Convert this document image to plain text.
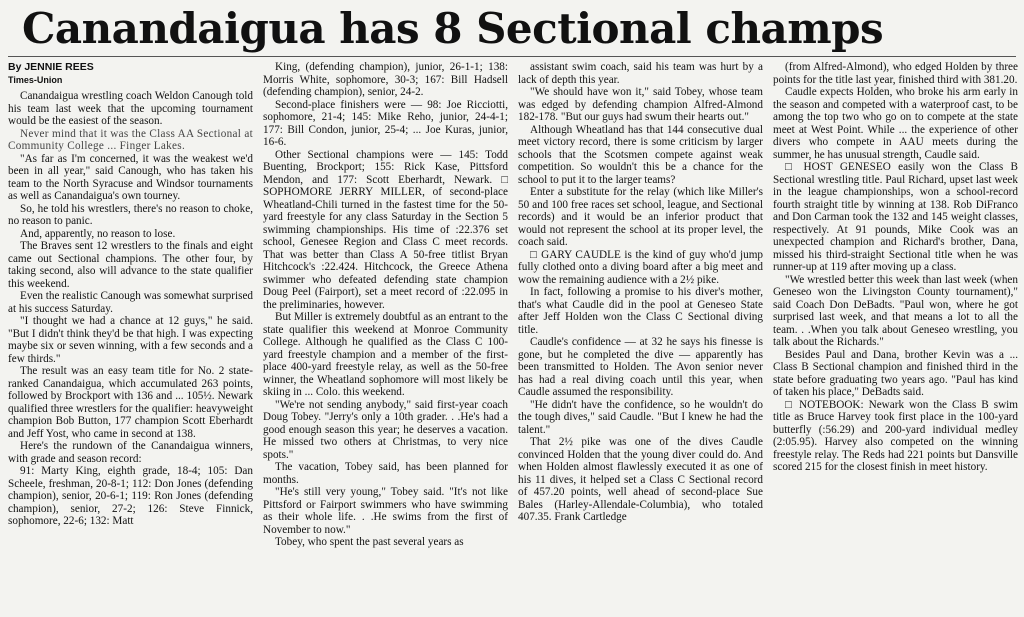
Canandaigua has 8 Sectional champs
By JENNIE REES
Times-Union

Canandaigua wrestling coach Weldon Canough told his team last week that the upcoming tournament would be the easiest of the season.

Never mind that it was the Class AA Sectional at Community College ... Finger Lakes.

"As far as I'm concerned, it was the weakest we'd been in all year," said Canough, who has taken his team to the North Syracuse and Windsor tournaments as well as Canandaigua's own tourney.

So, he told his wrestlers, there's no reason to choke, no reason to panic.

And, apparently, no reason to lose.

The Braves sent 12 wrestlers to the finals and eight came out Sectional champions. The other four, by taking second, also will advance to the state qualifier this weekend.

Even the realistic Canough was somewhat surprised at his success Saturday.

"I thought we had a chance at 12 guys," he said. "But I didn't think they'd be that high. I was expecting maybe six or seven winning, with a few seconds and a few thirds."

The result was an easy team title for No. 2 state-ranked Canandaigua, which accumulated 263 points, followed by Brockport with 136 and ... 105½. Newark qualified three wrestlers for the qualifier: heavyweight champion Bob Button, 177 champion Scott Eberhardt and Jeff Yost, who came in second at 138.

Here's the rundown of the Canandaigua winners, with grade and season record:

91: Marty King, eighth grade, 18-4; 105: Dan Scheele, freshman, 20-8-1; 112: Don Jones (defending champion), senior, 20-6-1; 119: Ron Jones (defending champion), senior, 27-2; 126: Steve Finnick, sophomore, 22-6; 132: Matt

King, (defending champion), junior, 26-1-1; 138: Morris White, sophomore, 30-3; 167: Bill Hadsell (defending champion), senior, 24-2.

Second-place finishers were — 98: Joe Ricciotti, sophomore, 21-4; 145: Mike Reho, junior, 24-4-1; 177: Bill Condon, junior, 25-4; ... Joe Kuras, junior, 16-6.

Other Sectional champions were — 145: Todd Buenting, Brockport; 155: Rick Kase, Pittsford Mendon, and 177: Scott Eberhardt, Newark. □ SOPHOMORE JERRY MILLER, of second-place Wheatland-Chili turned in the fastest time for the 50-yard freestyle for any class Saturday in the Section 5 swimming championships. His time of :22.376 set school, Genesee Region and Class C meet records. That was better than Class A 50-free titlist Bryan Hitchcock's :22.424. Hitchcock, the Greece Athena swimmer who defeated defending state champion Doug Peel (Fairport), set a meet record of :22.095 in the preliminaries, however.

But Miller is extremely doubtful as an entrant to the state qualifier this weekend at Monroe Community College. Although he qualified as the Class C 100-yard freestyle champion and a member of the first-place 400-yard freestyle relay, as well as the 50-free winner, the Wheatland sophomore will most likely be skiing in ... Colo. this weekend.

"We're not sending anybody," said first-year coach Doug Tobey. "Jerry's only a 10th grader. . .He's had a good enough season this year; he deserves a vacation. He missed two others at Christmas, to very nice spots."

The vacation, Tobey said, has been planned for months.

"He's still very young," Tobey said. "It's not like Pittsford or Fairport swimmers who have swimming as their whole life. . .He swims from the first of November to now."

Tobey, who spent the past several years as

assistant swim coach, said his team was hurt by a lack of depth this year.

"We should have won it," said Tobey, whose team was edged by defending champion Alfred-Almond 182-178. "But our guys had swum their hearts out."

Although Wheatland has that 144 consecutive dual meet victory record, there is some criticism by larger schools that the Scotsmen compete against weak competition. So wouldn't this be a chance for the school to put it to the larger teams?

Enter a substitute for the relay (which like Miller's 50 and 100 free races set school, league, and Sectional records) and it would be an inferior product that would not represent the school at its proper level, the coach said.

□ GARY CAUDLE is the kind of guy who'd jump fully clothed onto a diving board after a big meet and wow the remaining audience with a 2½ pike.

In fact, following a promise to his diver's mother, that's what Caudle did in the pool at Geneseo State after Jeff Holden won the Class C Sectional diving title.

Caudle's confidence — at 32 he says his finesse is gone, but he completed the dive — apparently has been transmitted to Holden. The Avon senior never has had a real diving coach until this year, when Caudle assumed the responsibility.

"He didn't have the confidence, so he wouldn't do the tough dives," said Caudle. "But I knew he had the talent."

That 2½ pike was one of the dives Caudle convinced Holden that the young diver could do. And when Holden almost flawlessly executed it as one of his 11 dives, it helped set a Class C Sectional record of 457.20 points, well ahead of second-place Sue Bales (Harley-Allendale-Columbia), who totaled 407.35. Frank Cartledge

(from Alfred-Almond), who edged Holden by three points for the title last year, finished third with 381.20.

Caudle expects Holden, who broke his arm early in the season and competed with a waterproof cast, to be among the top two who go on to compete at the state meet at West Point. While ... the experience of other divers who compete in AAU meets during the summer, he has unusual strength, Caudle said.

□ HOST GENESEO easily won the Class B Sectional wrestling title. Paul Richard, upset last week in the league championships, won a school-record fourth straight title by winning at 138. Rob DiFranco and Don Carman took the 132 and 145 weight classes, respectively. At 91 pounds, Mike Cook was an unexpected champion and Richard's brother, Dana, missed his third-straight Sectional title when he was runner-up at 119 after moving up a class.

"We wrestled better this week than last week (when Geneseo won the Livingston County tournament)," said Coach Don DeBadts. "Paul won, where he got surprised last week, and that means a lot to all the team. . .When you talk about Geneseo wrestling, you talk about the Richards."

Besides Paul and Dana, brother Kevin was a ... Class B Sectional champion and finished third in the state before graduating two years ago. "Paul has kind of taken his place," DeBadts said.

□ NOTEBOOK: Newark won the Class B swim title as Bruce Harvey took first place in the 100-yard butterfly (:56.29) and 200-yard individual medley (2:05.95). Harvey also competed on the winning freestyle relay. The Reds had 221 points but Dansville scored 215 for the closest finish in meet history.
